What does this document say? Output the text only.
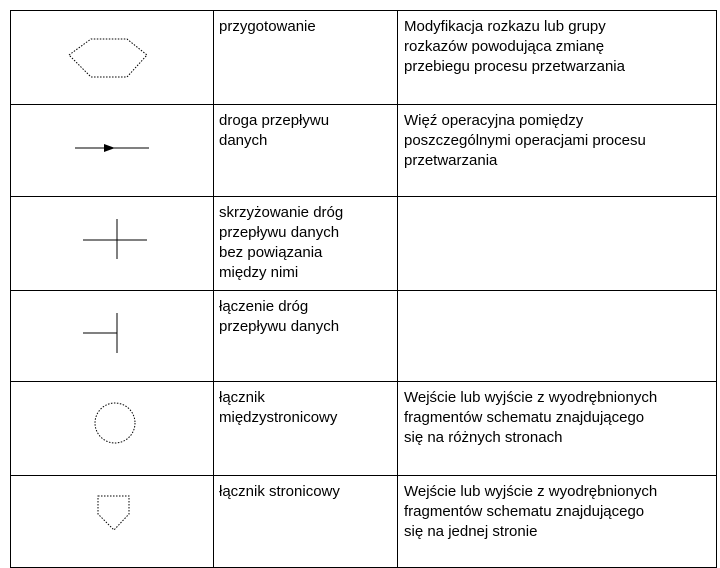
	przygotowanie	Modyfikacja rozkazu lub grupy
rozkazów powodująca zmianę
przebiegu procesu przetwarzania

	droga przepływu
danych	Więź operacyjna pomiędzy
poszczególnymi operacjami procesu
przetwarzania

	skrzyżowanie dróg
przepływu danych
bez powiązania
między nimi	

	łączenie dróg
przepływu danych	

	łącznik
międzystronicowy	Wejście lub wyjście z wyodrębnionych
fragmentów schematu znajdującego
się na różnych stronach

	łącznik stronicowy	Wejście lub wyjście z wyodrębnionych
fragmentów schematu znajdującego
się na jednej stronie
